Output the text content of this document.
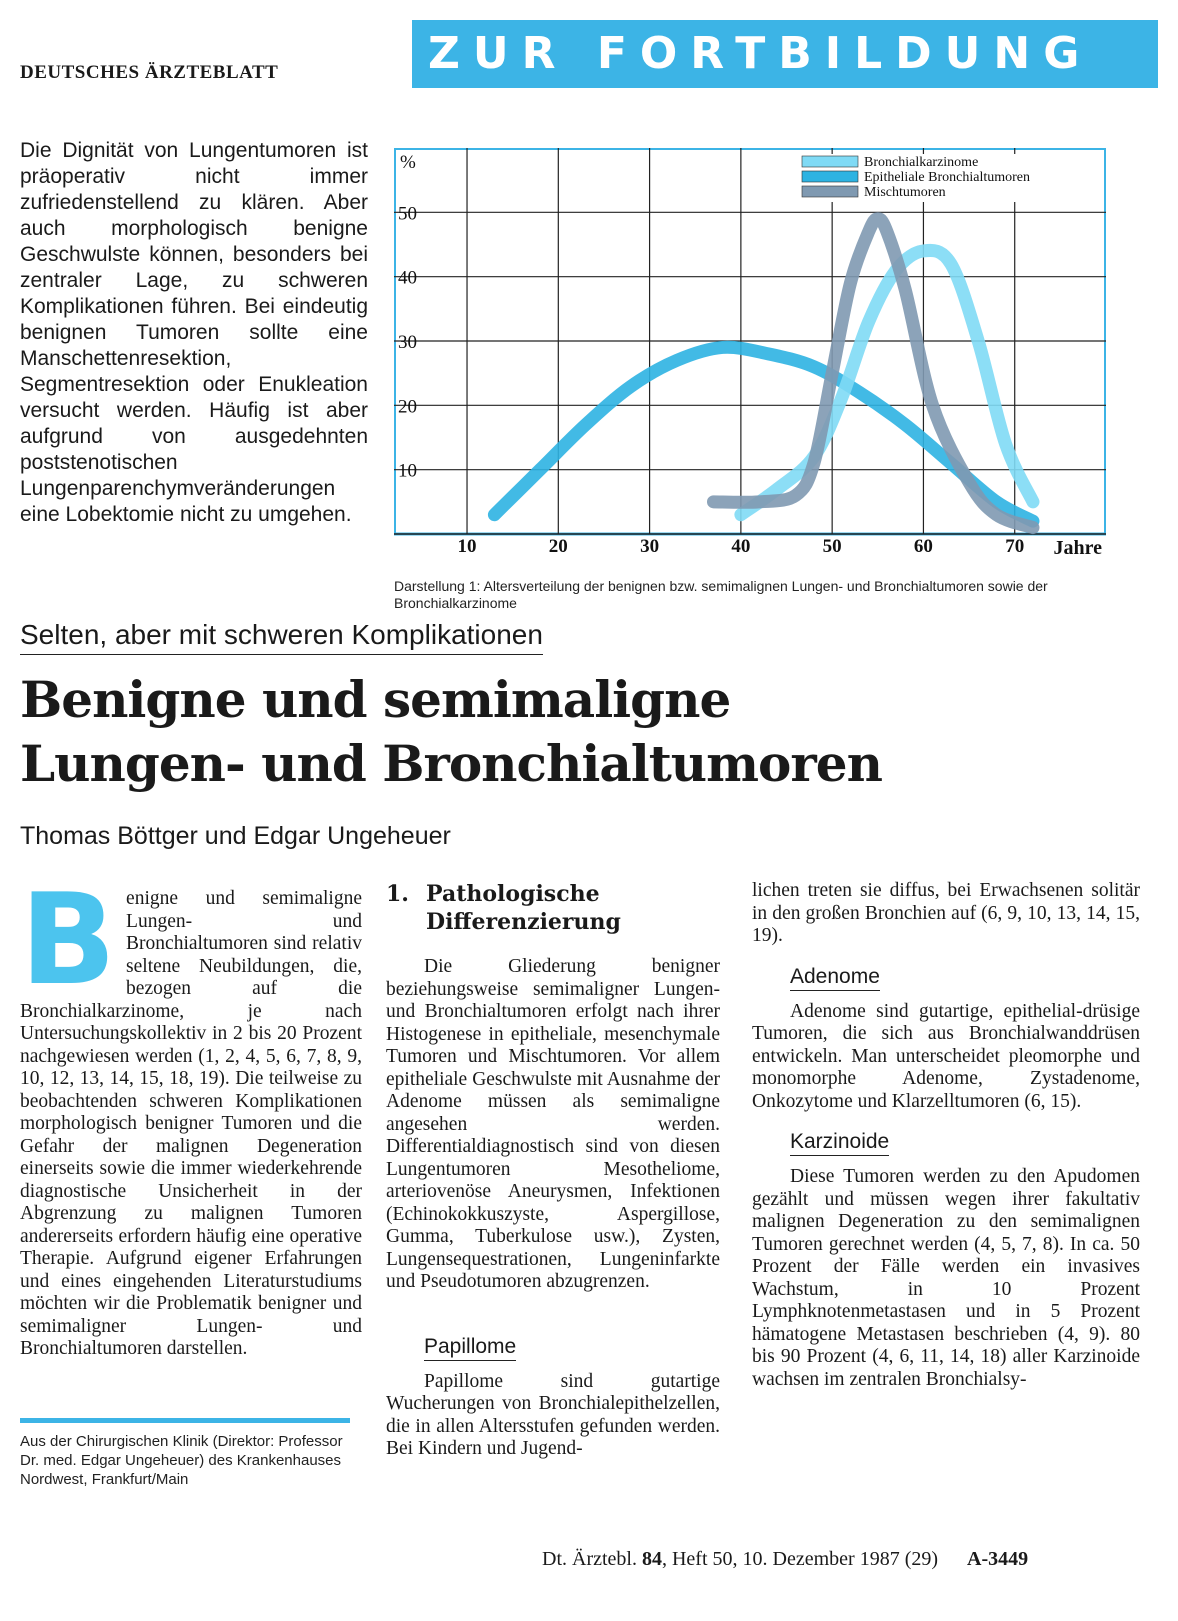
DEUTSCHES ÄRZTEBLATT	ZUR FORTBILDUNG

Die Dignität von Lungentumoren ist präoperativ nicht immer zufriedenstellend zu klären. Aber auch morphologisch benigne Geschwulste können, besonders bei zentraler Lage, zu schweren Komplikationen führen. Bei eindeutig benignen Tumoren sollte eine Manschettenresektion, Segmentresektion oder Enukleation versucht werden. Häufig ist aber aufgrund von ausgedehnten poststenotischen Lungenparenchymveränderungen eine Lobektomie nicht zu umgehen.

10
20
30
40
50
10	20	30	40	50	60	70
%
Jahre
Bronchialkarzinome
Epitheliale Bronchialtumoren
Mischtumoren

Darstellung 1: Altersverteilung der benignen bzw. semimalignen Lungen- und Bronchialtumoren sowie der Bronchialkarzinome

Selten, aber mit schweren Komplikationen
Benigne und semimaligne
Lungen- und Bronchialtumoren

Thomas Böttger und Edgar Ungeheuer

B enigne und semimaligne Lungen- und Bronchialtumoren sind relativ seltene Neubildungen, die, bezogen auf die Bronchialkarzinome, je nach Untersuchungskollektiv in 2 bis 20 Prozent nachgewiesen werden (1, 2, 4, 5, 6, 7, 8, 9, 10, 12, 13, 14, 15, 18, 19). Die teilweise zu beobachtenden schweren Komplikationen morphologisch benigner Tumoren und die Gefahr der malignen Degeneration einerseits sowie die immer wiederkehrende diagnostische Unsicherheit in der Abgrenzung zu malignen Tumoren andererseits erfordern häufig eine operative Therapie. Aufgrund eigener Erfahrungen und eines eingehenden Literaturstudiums möchten wir die Problematik benigner und semimaligner Lungen- und Bronchialtumoren darstellen.

1. Pathologische Differenzierung

Die Gliederung benigner beziehungsweise semimaligner Lungen- und Bronchialtumoren erfolgt nach ihrer Histogenese in epitheliale, mesenchymale Tumoren und Mischtumoren. Vor allem epitheliale Geschwulste mit Ausnahme der Adenome müssen als semimaligne angesehen werden. Differentialdiagnostisch sind von diesen Lungentumoren Mesotheliome, arteriovenöse Aneurysmen, Infektionen (Echinokokkuszyste, Aspergillose, Gumma, Tuberkulose usw.), Zysten, Lungensequestrationen, Lungeninfarkte und Pseudotumoren abzugrenzen.

Papillome

Papillome sind gutartige Wucherungen von Bronchialepithelzellen, die in allen Altersstufen gefunden werden. Bei Kindern und Jugend-

lichen treten sie diffus, bei Erwachsenen solitär in den großen Bronchien auf (6, 9, 10, 13, 14, 15, 19).

Adenome

Adenome sind gutartige, epithelial-drüsige Tumoren, die sich aus Bronchialwanddrüsen entwickeln. Man unterscheidet pleomorphe und monomorphe Adenome, Zystadenome, Onkozytome und Klarzelltumoren (6, 15).

Karzinoide

Diese Tumoren werden zu den Apudomen gezählt und müssen wegen ihrer fakultativ malignen Degeneration zu den semimalignen Tumoren gerechnet werden (4, 5, 7, 8). In ca. 50 Prozent der Fälle werden ein invasives Wachstum, in 10 Prozent Lymphknotenmetastasen und in 5 Prozent hämatogene Metastasen beschrieben (4, 9). 80 bis 90 Prozent (4, 6, 11, 14, 18) aller Karzinoide wachsen im zentralen Bronchialsy-

Aus der Chirurgischen Klinik (Direktor: Professor Dr. med. Edgar Ungeheuer) des Krankenhauses Nordwest, Frankfurt/Main

Dt. Ärztebl. 84, Heft 50, 10. Dezember 1987 (29) A-3449
